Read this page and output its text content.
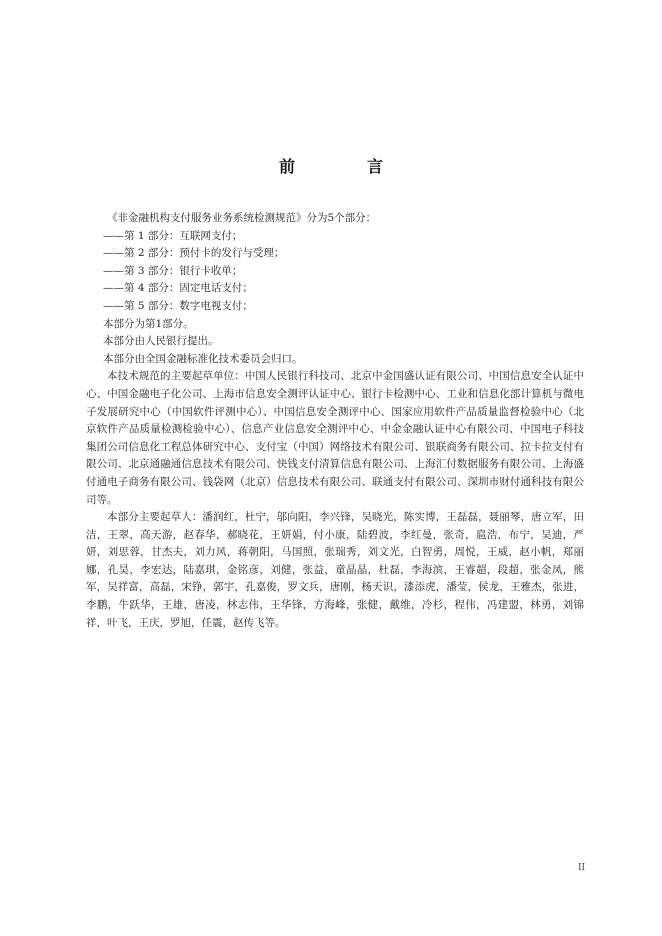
前　言

《非金融机构支付服务业务系统检测规范》分为5个部分：

——第 1 部分：互联网支付；

——第 2 部分：预付卡的发行与受理；

——第 3 部分：银行卡收单；

——第 4 部分：固定电话支付；

——第 5 部分：数字电视支付；

本部分为第1部分。

本部分由人民银行提出。

本部分由全国金融标准化技术委员会归口。

本技术规范的主要起草单位：中国人民银行科技司、北京中金国盛认证有限公司、中国信息安全认证中心、中国金融电子化公司、上海市信息安全测评认证中心、银行卡检测中心、工业和信息化部计算机与微电子发展研究中心（中国软件评测中心）、中国信息安全测评中心、国家应用软件产品质量监督检验中心（北京软件产品质量检测检验中心）、信息产业信息安全测评中心、中金金融认证中心有限公司、中国电子科技集团公司信息化工程总体研究中心、支付宝（中国）网络技术有限公司、银联商务有限公司、拉卡拉支付有限公司、北京通融通信息技术有限公司、快钱支付清算信息有限公司、上海汇付数据服务有限公司、上海盛付通电子商务有限公司、钱袋网（北京）信息技术有限公司、联通支付有限公司、深圳市财付通科技有限公司等。

本部分主要起草人：潘润红，杜宁，邬向阳，李兴锋，吴晓光，陈实博，王磊磊，聂丽琴，唐立军，田洁，王翠，高天游，赵春华，郝晓花，王妍娟，付小康，陆碧波，李红曼，张奇，扈浩，布宁，吴迪，严妍，刘思蓉，甘杰夫，刘力风，蒋朝阳，马国照，张瑞秀，刘文光，白智勇，周悦，王威，赵小帆，郑丽娜，孔昊，李宏达，陆嘉琪，金铭彦，刘健，张益，童晶晶，杜磊，李海滨，王睿超，段超，张金凤，熊军，吴祥富，高磊，宋铮，郭宇，孔嘉俊，罗文兵，唐刚，杨天识，漆添虎，潘莹，侯龙，王雅杰，张进，李鹏，牛跃华，王雄，唐凌，林志伟，王华锋，方海峰，张健，戴维，冷杉，程伟，冯建盟，林勇，刘锦祥，叶飞，王庆，罗旭，任震，赵传飞等。

II
